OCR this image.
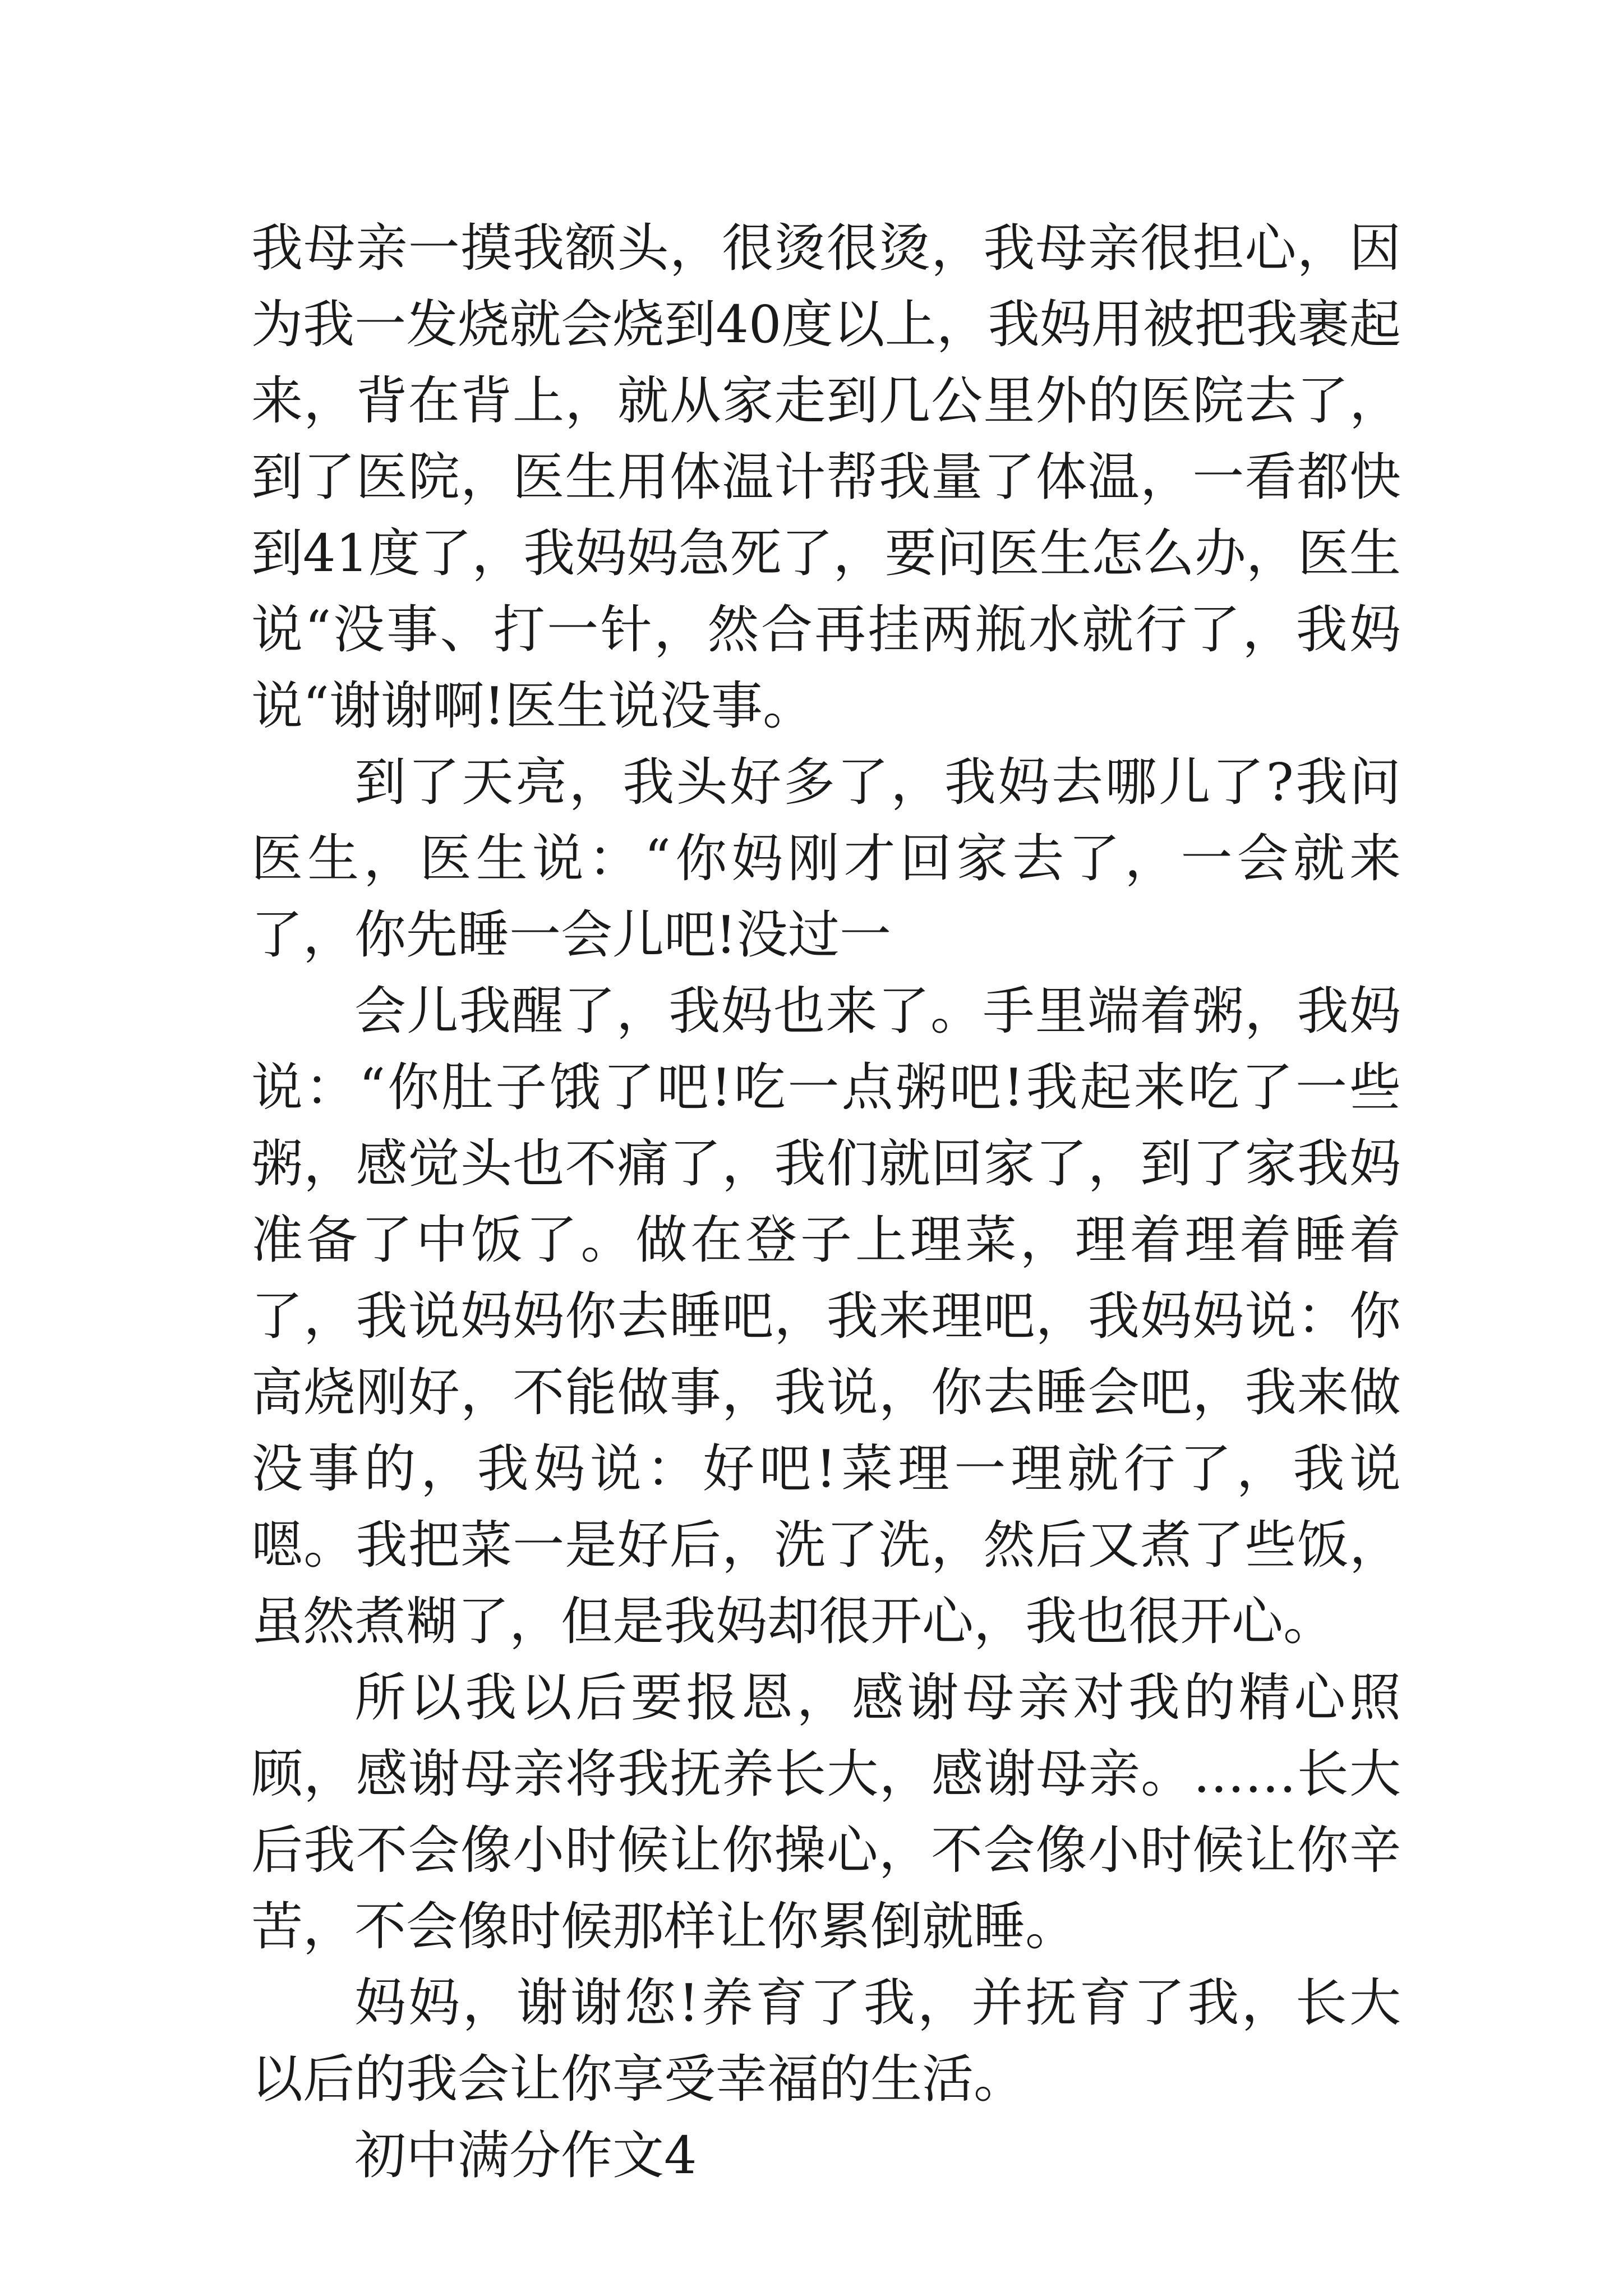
我母亲一摸我额头，很烫很烫，我母亲很担心，因为我一发烧就会烧到40度以上，我妈用被把我裹起来，背在背上，就从家走到几公里外的医院去了，到了医院，医生用体温计帮我量了体温，一看都快到41度了，我妈妈急死了，要问医生怎么办，医生说“没事、打一针，然合再挂两瓶水就行了，我妈说“谢谢啊!医生说没事。

到了天亮，我头好多了，我妈去哪儿了?我问医生，医生说：“你妈刚才回家去了，一会就来了，你先睡一会儿吧!没过一

会儿我醒了，我妈也来了。手里端着粥，我妈说：“你肚子饿了吧!吃一点粥吧!我起来吃了一些粥，感觉头也不痛了，我们就回家了，到了家我妈准备了中饭了。做在登子上理菜，理着理着睡着了，我说妈妈你去睡吧，我来理吧，我妈妈说：你高烧刚好，不能做事，我说，你去睡会吧，我来做没事的，我妈说：好吧!菜理一理就行了，我说嗯。我把菜一是好后，洗了洗，然后又煮了些饭，虽然煮糊了，但是我妈却很开心，我也很开心。

所以我以后要报恩，感谢母亲对我的精心照顾，感谢母亲将我抚养长大，感谢母亲。……长大后我不会像小时候让你操心，不会像小时候让你辛苦，不会像时候那样让你累倒就睡。

妈妈，谢谢您!养育了我，并抚育了我，长大以后的我会让你享受幸福的生活。

初中满分作文4
